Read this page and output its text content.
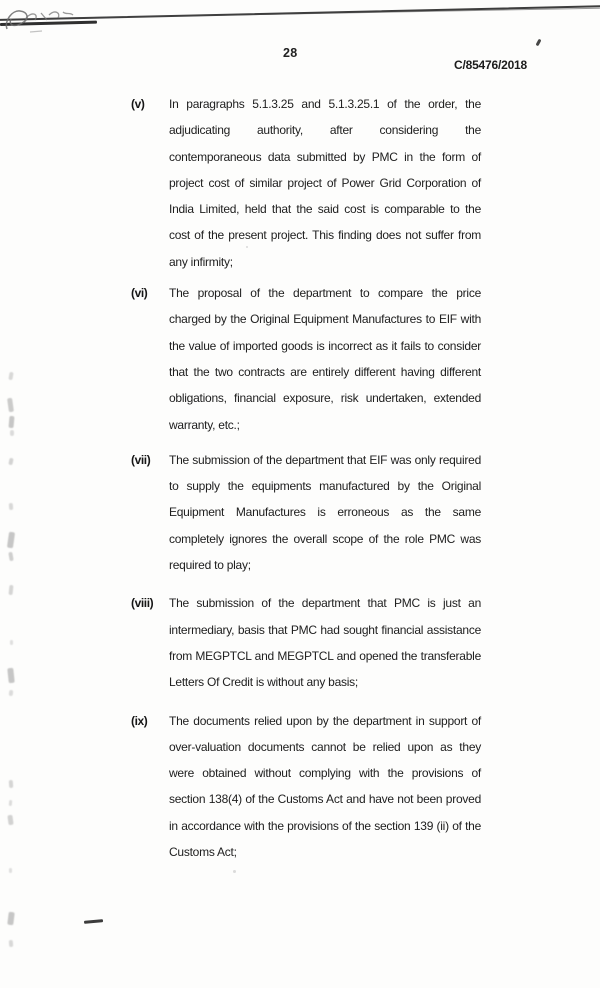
28
C/85476/2018
(v)	In paragraphs 5.1.3.25 and 5.1.3.25.1 of the order, the adjudicating authority, after considering the contemporaneous data submitted by PMC in the form of project cost of similar project of Power Grid Corporation of India Limited, held that the said cost is comparable to the cost of the present project. This finding does not suffer from any infirmity;
(vi)	The proposal of the department to compare the price charged by the Original Equipment Manufactures to EIF with the value of imported goods is incorrect as it fails to consider that the two contracts are entirely different having different obligations, financial exposure, risk undertaken, extended warranty, etc.;
(vii)	The submission of the department that EIF was only required to supply the equipments manufactured by the Original Equipment Manufactures is erroneous as the same completely ignores the overall scope of the role PMC was required to play;
(viii)	The submission of the department that PMC is just an intermediary, basis that PMC had sought financial assistance from MEGPTCL and MEGPTCL and opened the transferable Letters Of Credit is without any basis;
(ix)	The documents relied upon by the department in support of over-valuation documents cannot be relied upon as they were obtained without complying with the provisions of section 138(4) of the Customs Act and have not been proved in accordance with the provisions of the section 139 (ii) of the Customs Act;
